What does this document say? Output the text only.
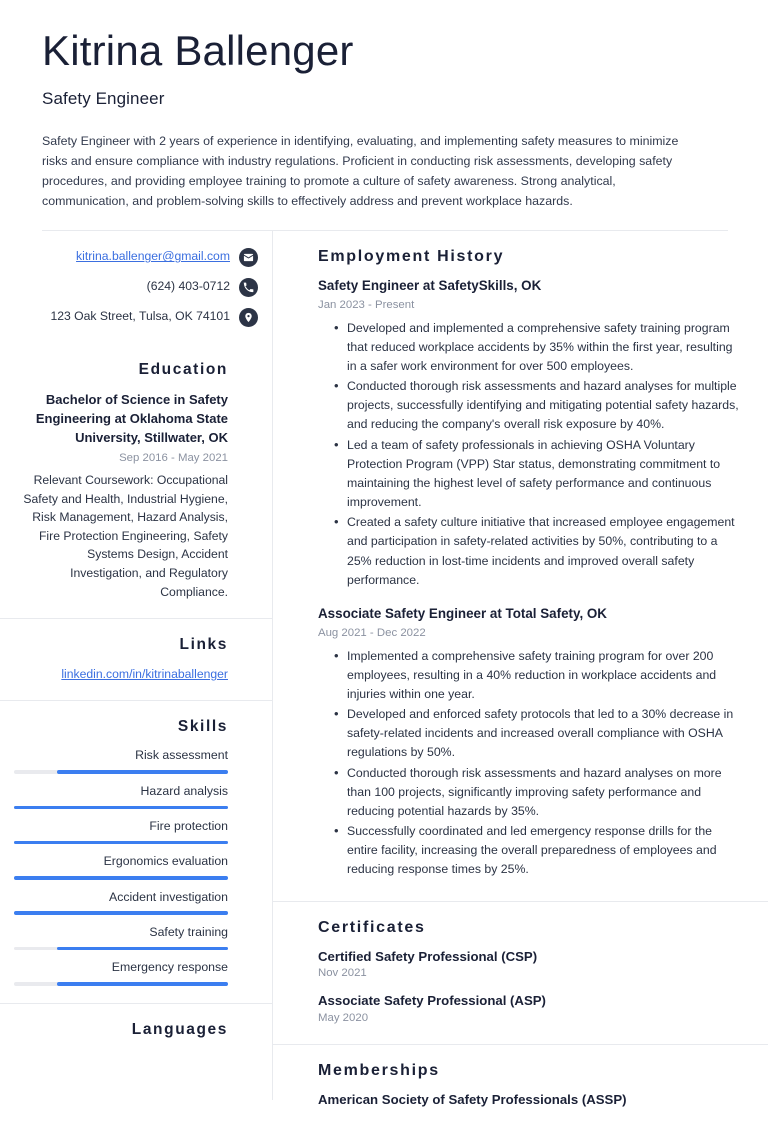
Kitrina Ballenger
Safety Engineer
Safety Engineer with 2 years of experience in identifying, evaluating, and implementing safety measures to minimize risks and ensure compliance with industry regulations. Proficient in conducting risk assessments, developing safety procedures, and providing employee training to promote a culture of safety awareness. Strong analytical, communication, and problem-solving skills to effectively address and prevent workplace hazards.
kitrina.ballenger@gmail.com
(624) 403-0712
123 Oak Street, Tulsa, OK 74101
Education
Bachelor of Science in Safety Engineering at Oklahoma State University, Stillwater, OK
Sep 2016 - May 2021
Relevant Coursework: Occupational Safety and Health, Industrial Hygiene, Risk Management, Hazard Analysis, Fire Protection Engineering, Safety Systems Design, Accident Investigation, and Regulatory Compliance.
Links
linkedin.com/in/kitrinaballenger
Skills
Risk assessment
Hazard analysis
Fire protection
Ergonomics evaluation
Accident investigation
Safety training
Emergency response
Languages
Employment History
Safety Engineer at SafetySkills, OK
Jan 2023 - Present
• Developed and implemented a comprehensive safety training program that reduced workplace accidents by 35% within the first year, resulting in a safer work environment for over 500 employees.
• Conducted thorough risk assessments and hazard analyses for multiple projects, successfully identifying and mitigating potential safety hazards, and reducing the company's overall risk exposure by 40%.
• Led a team of safety professionals in achieving OSHA Voluntary Protection Program (VPP) Star status, demonstrating commitment to maintaining the highest level of safety performance and continuous improvement.
• Created a safety culture initiative that increased employee engagement and participation in safety-related activities by 50%, contributing to a 25% reduction in lost-time incidents and improved overall safety performance.
Associate Safety Engineer at Total Safety, OK
Aug 2021 - Dec 2022
• Implemented a comprehensive safety training program for over 200 employees, resulting in a 40% reduction in workplace accidents and injuries within one year.
• Developed and enforced safety protocols that led to a 30% decrease in safety-related incidents and increased overall compliance with OSHA regulations by 50%.
• Conducted thorough risk assessments and hazard analyses on more than 100 projects, significantly improving safety performance and reducing potential hazards by 35%.
• Successfully coordinated and led emergency response drills for the entire facility, increasing the overall preparedness of employees and reducing response times by 25%.
Certificates
Certified Safety Professional (CSP)
Nov 2021
Associate Safety Professional (ASP)
May 2020
Memberships
American Society of Safety Professionals (ASSP)
